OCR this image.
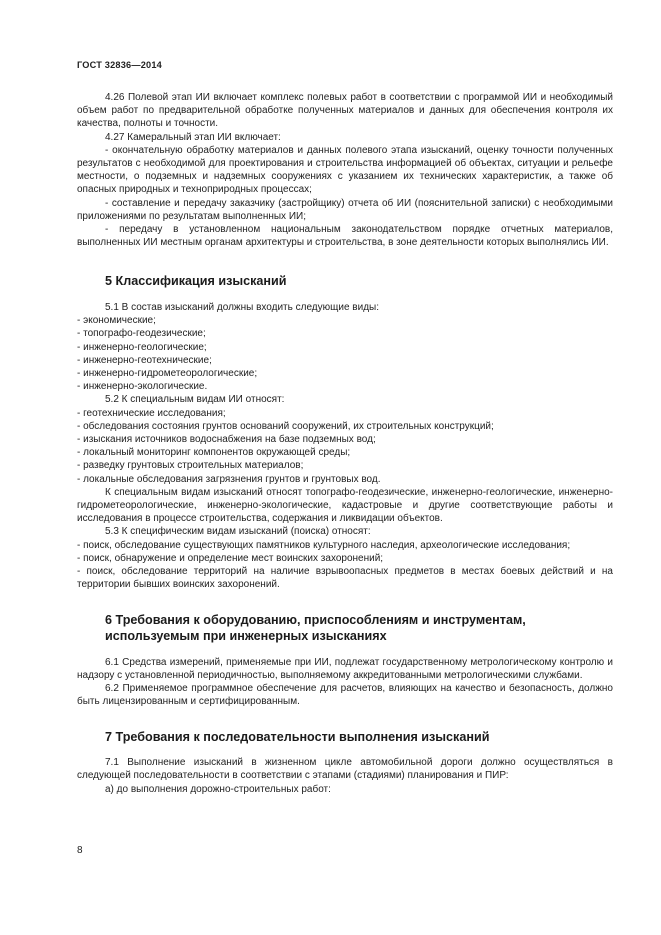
ГОСТ 32836—2014

4.26 Полевой этап ИИ включает комплекс полевых работ в соответствии с программой ИИ и необходимый объем работ по предварительной обработке полученных материалов и данных для обеспечения контроля их качества, полноты и точности.

4.27 Камеральный этап ИИ включает:

- окончательную обработку материалов и данных полевого этапа изысканий, оценку точности полученных результатов с необходимой для проектирования и строительства информацией об объектах, ситуации и рельефе местности, о подземных и надземных сооружениях с указанием их технических характеристик, а также об опасных природных и техноприродных процессах;

- составление и передачу заказчику (застройщику) отчета об ИИ (пояснительной записки) с необходимыми приложениями по результатам выполненных ИИ;

- передачу в установленном национальным законодательством порядке отчетных материалов, выполненных ИИ местным органам архитектуры и строительства, в зоне деятельности которых выполнялись ИИ.

5 Классификация изысканий

5.1 В состав изысканий должны входить следующие виды:

- экономические;

- топографо-геодезические;

- инженерно-геологические;

- инженерно-геотехнические;

- инженерно-гидрометеорологические;

- инженерно-экологические.

5.2 К специальным видам ИИ относят:

- геотехнические исследования;

- обследования состояния грунтов оснований сооружений, их строительных конструкций;

- изыскания источников водоснабжения на базе подземных вод;

- локальный мониторинг компонентов окружающей среды;

- разведку грунтовых строительных материалов;

- локальные обследования загрязнения грунтов и грунтовых вод.

К специальным видам изысканий относят топографо-геодезические, инженерно-геологические, инженерно-гидрометеорологические, инженерно-экологические, кадастровые и другие соответствующие работы и исследования в процессе строительства, содержания и ликвидации объектов.

5.3 К специфическим видам изысканий (поиска) относят:

- поиск, обследование существующих памятников культурного наследия, археологические исследования;

- поиск, обнаружение и определение мест воинских захоронений;

- поиск, обследование территорий на наличие взрывоопасных предметов в местах боевых действий и на территории бывших воинских захоронений.

6 Требования к оборудованию, приспособлениям и инструментам, используемым при инженерных изысканиях

6.1 Средства измерений, применяемые при ИИ, подлежат государственному метрологическому контролю и надзору с установленной периодичностью, выполняемому аккредитованными метрологическими службами.

6.2 Применяемое программное обеспечение для расчетов, влияющих на качество и безопасность, должно быть лицензированным и сертифицированным.

7 Требования к последовательности выполнения изысканий

7.1 Выполнение изысканий в жизненном цикле автомобильной дороги должно осуществляться в следующей последовательности в соответствии с этапами (стадиями) планирования и ПИР:

а) до выполнения дорожно-строительных работ:

8
